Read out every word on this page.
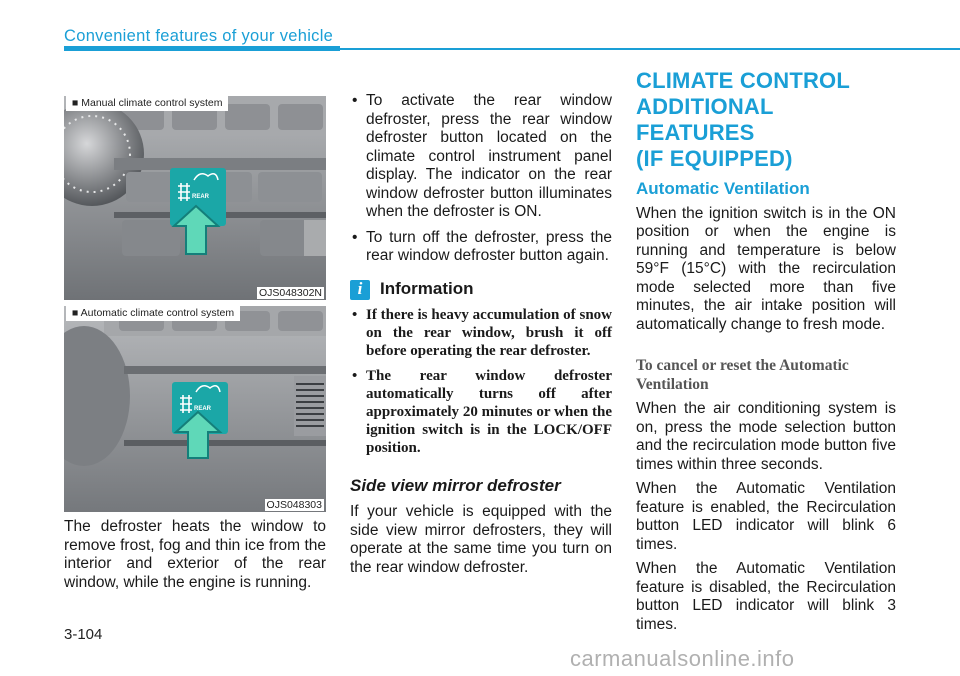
Convenient features of your vehicle
REAR
■ Manual climate control system
OJS048302N
REAR
■ Automatic climate control system
OJS048303

The defroster heats the window to remove frost, fog and thin ice from the interior and exterior of the rear window, while the engine is running.

• To activate the rear window defroster, press the rear window defroster button located on the climate control instrument panel display. The indicator on the rear window defroster button illuminates when the defroster is ON.
• To turn off the defroster, press the rear window defroster button again.
i	Information
• If there is heavy accumulation of snow on the rear window, brush it off before operating the rear defroster.
• The rear window defroster automatically turns off after approximately 20 minutes or when the ignition switch is in the LOCK/OFF position.
Side view mirror defroster

If your vehicle is equipped with the side view mirror defrosters, they will operate at the same time you turn on the rear window defroster.

CLIMATE CONTROL
ADDITIONAL FEATURES
(IF EQUIPPED)
Automatic Ventilation

When the ignition switch is in the ON position or when the engine is running and temperature is below 59°F (15°C) with the recirculation mode selected more than five minutes, the air intake position will automatically change to fresh mode.

To cancel or reset the Automatic Ventilation

When the air conditioning system is on, press the mode selection button and the recirculation mode button five times within three seconds.

When the Automatic Ventilation feature is enabled, the Recirculation button LED indicator will blink 6 times.

When the Automatic Ventilation feature is disabled, the Recirculation button LED indicator will blink 3 times.

3-104
carmanualsonline.info
